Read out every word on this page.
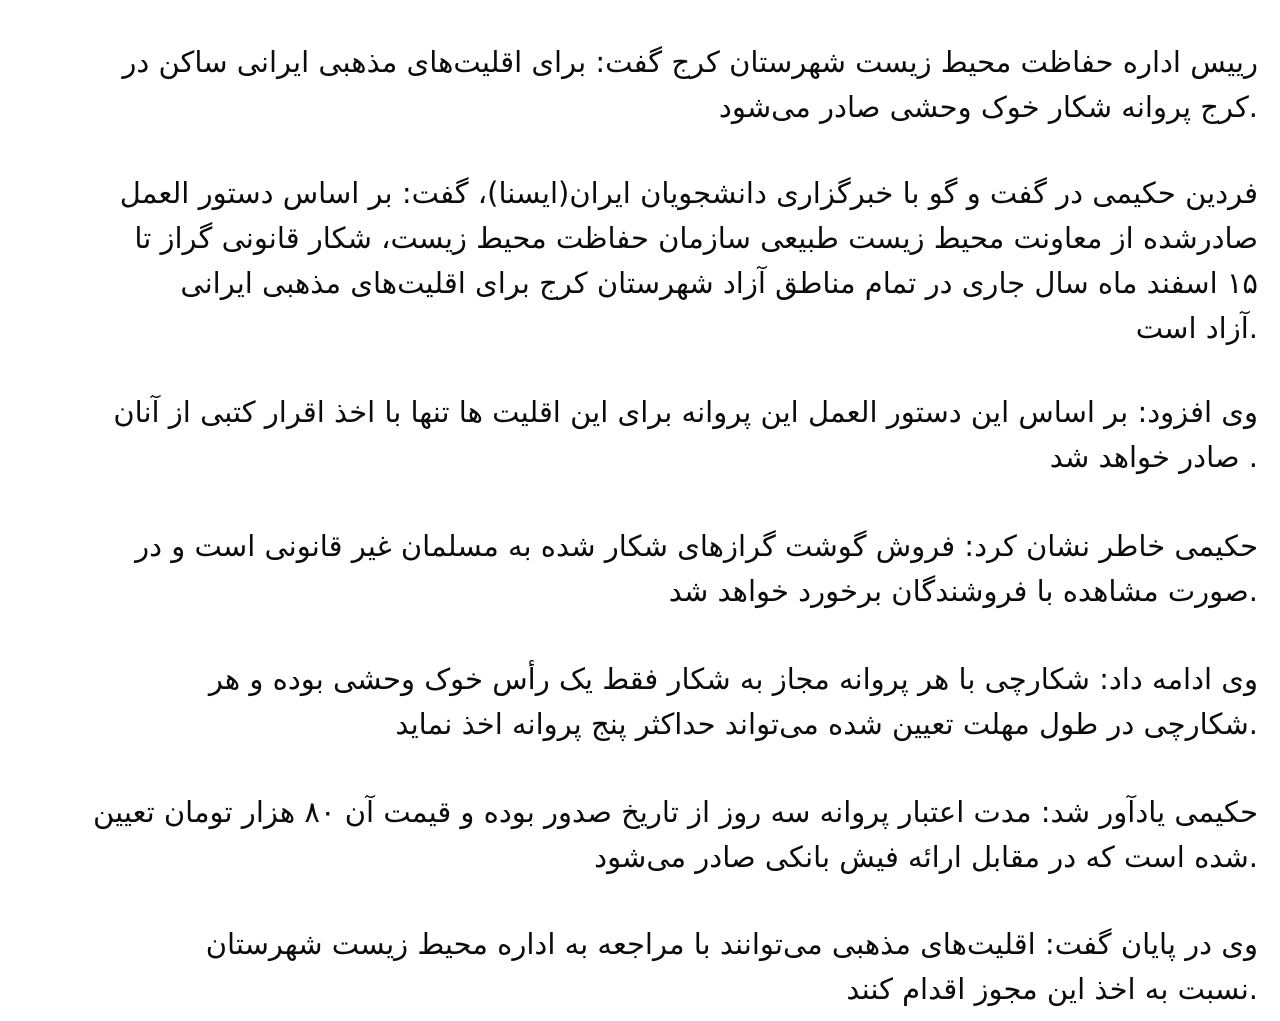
رییس اداره حفاظت محیط زیست شهرستان کرج گفت: برای اقلیت‌های مذهبی ایرانی ساکن در
.کرج پروانه شکار خوک وحشی صادر می‌شود

فردین حکیمی در گفت و گو با خبرگزاری دانشجویان ایران(ایسنا)، گفت: بر اساس دستور العمل
صادرشده از معاونت محیط زیست طبیعی سازمان حفاظت محیط زیست، شکار قانونی گراز تا
۱۵ اسفند ماه سال جاری در تمام مناطق آزاد شهرستان کرج برای اقلیت‌های مذهبی ایرانی
.آزاد است

وی افزود: بر اساس این دستور العمل این پروانه برای این اقلیت ها تنها با اخذ اقرار کتبی از آنان
. صادر خواهد شد

حکیمی خاطر نشان کرد: فروش گوشت گرازهای شکار شده به مسلمان غیر قانونی است و در
.صورت مشاهده با فروشندگان برخورد خواهد شد

وی ادامه داد: شکارچی با هر پروانه مجاز به شکار فقط یک رأس خوک وحشی بوده و هر
.شکارچی در طول مهلت تعیین شده می‌تواند حداکثر پنج پروانه اخذ نماید

حکیمی یادآور شد: مدت اعتبار پروانه سه روز از تاریخ صدور بوده و قیمت آن ۸۰ هزار تومان تعیین
.شده است که در مقابل ارائه فیش بانکی صادر می‌شود

وی در پایان گفت: اقلیت‌های مذهبی می‌توانند با مراجعه به اداره محیط زیست شهرستان
.نسبت به اخذ این مجوز اقدام کنند
